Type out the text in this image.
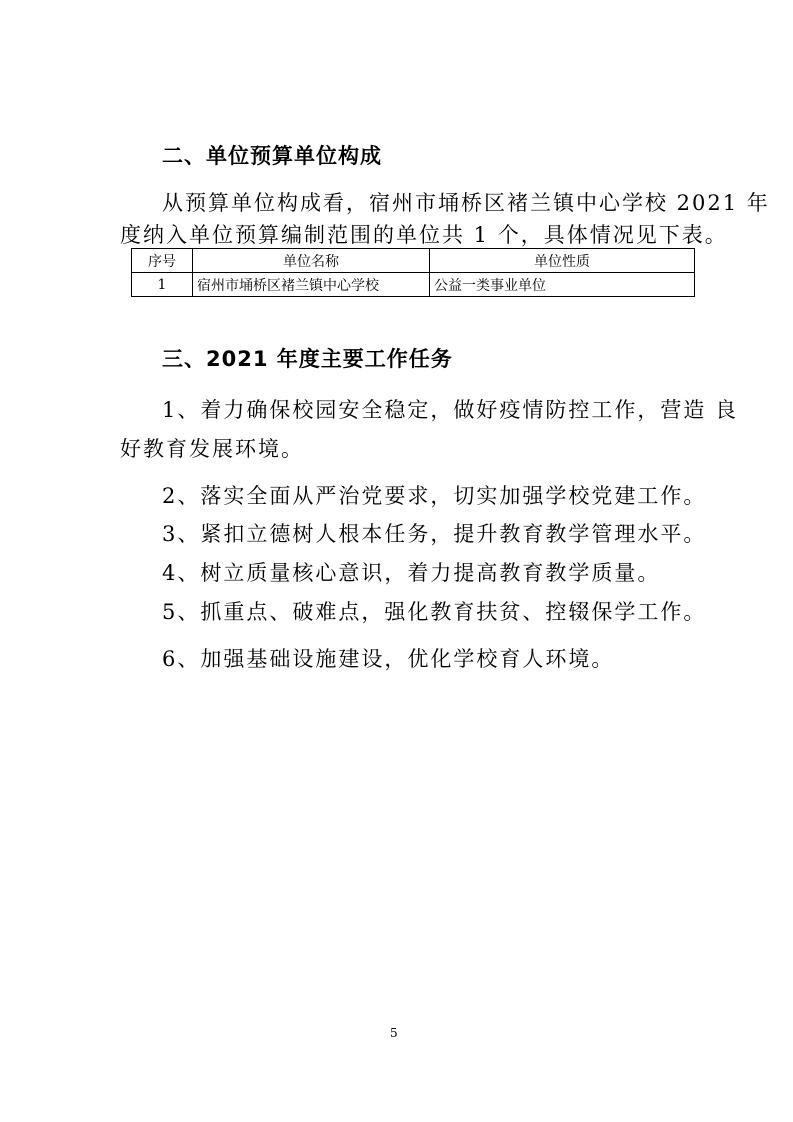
二、单位预算单位构成
从预算单位构成看，宿州市埇桥区褚兰镇中心学校 2021 年
度纳入单位预算编制范围的单位共 1 个，具体情况见下表。
序号	单位名称	单位性质
1	宿州市埇桥区褚兰镇中心学校	公益一类事业单位
三、2021 年度主要工作任务
1、着力确保校园安全稳定，做好疫情防控工作，营造 良
好教育发展环境。
2、落实全面从严治党要求，切实加强学校党建工作。
3、紧扣立德树人根本任务，提升教育教学管理水平。
4、树立质量核心意识，着力提高教育教学质量。
5、抓重点、破难点，强化教育扶贫、控辍保学工作。
6、加强基础设施建设，优化学校育人环境。
5
